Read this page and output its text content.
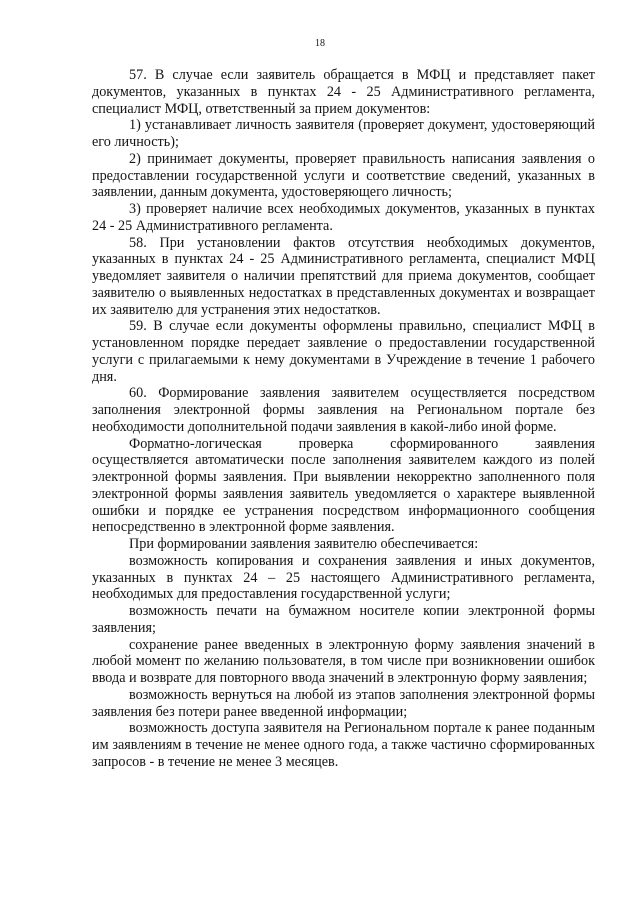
18

57. В случае если заявитель обращается в МФЦ и представляет пакет документов, указанных в пунктах 24 - 25 Административного регламента, специалист МФЦ, ответственный за прием документов:

1) устанавливает личность заявителя (проверяет документ, удостоверяющий его личность);

2) принимает документы, проверяет правильность написания заявления о предоставлении государственной услуги и соответствие сведений, указанных в заявлении, данным документа, удостоверяющего личность;

3) проверяет наличие всех необходимых документов, указанных в пунктах 24 - 25 Административного регламента.

58. При установлении фактов отсутствия необходимых документов, указанных в пунктах 24 - 25 Административного регламента, специалист МФЦ уведомляет заявителя о наличии препятствий для приема документов, сообщает заявителю о выявленных недостатках в представленных документах и возвращает их заявителю для устранения этих недостатков.

59. В случае если документы оформлены правильно, специалист МФЦ в установленном порядке передает заявление о предоставлении государственной услуги с прилагаемыми к нему документами в Учреждение в течение 1 рабочего дня.

60. Формирование заявления заявителем осуществляется посредством заполнения электронной формы заявления на Региональном портале без необходимости дополнительной подачи заявления в какой-либо иной форме.

Форматно-логическая проверка сформированного заявления осуществляется автоматически после заполнения заявителем каждого из полей электронной формы заявления. При выявлении некорректно заполненного поля электронной формы заявления заявитель уведомляется о характере выявленной ошибки и порядке ее устранения посредством информационного сообщения непосредственно в электронной форме заявления.

При формировании заявления заявителю обеспечивается:

возможность копирования и сохранения заявления и иных документов, указанных в пунктах 24 – 25 настоящего Административного регламента, необходимых для предоставления государственной услуги;

возможность печати на бумажном носителе копии электронной формы заявления;

сохранение ранее введенных в электронную форму заявления значений в любой момент по желанию пользователя, в том числе при возникновении ошибок ввода и возврате для повторного ввода значений в электронную форму заявления;

возможность вернуться на любой из этапов заполнения электронной формы заявления без потери ранее введенной информации;

возможность доступа заявителя на Региональном портале к ранее поданным им заявлениям в течение не менее одного года, а также частично сформированных запросов - в течение не менее 3 месяцев.
